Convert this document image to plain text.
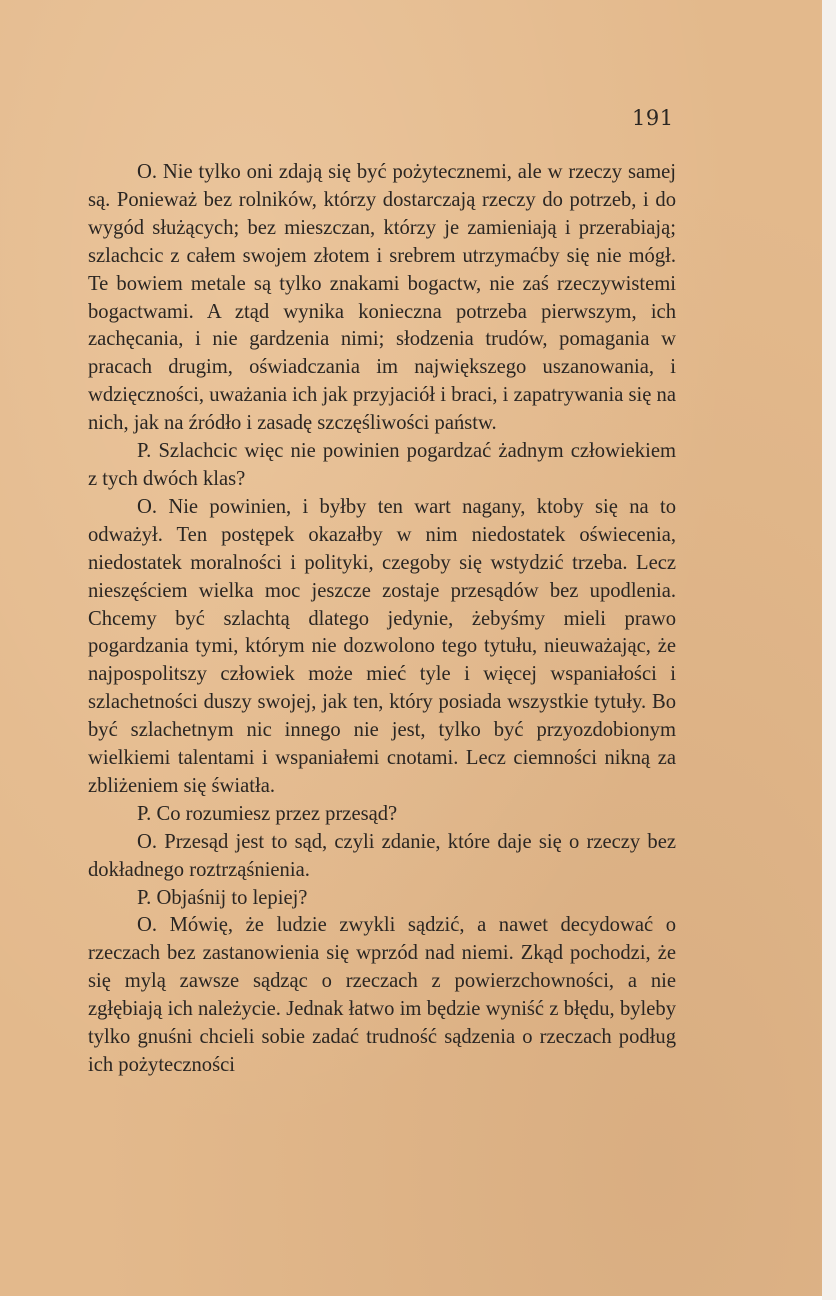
191

O. Nie tylko oni zdają się być pożytecznemi, ale w rzeczy samej są. Ponieważ bez rolników, którzy dostarczają rzeczy do potrzeb, i do wygód służących; bez mieszczan, którzy je zamieniają i przerabiają; szlachcic z całem swojem złotem i srebrem utrzymaćby się nie mógł. Te bowiem metale są tylko znakami bogactw, nie zaś rzeczywistemi bogactwami. A ztąd wynika konieczna potrzeba pierwszym, ich zachęcania, i nie gardzenia nimi; słodzenia trudów, pomagania w pracach drugim, oświadczania im największego uszanowania, i wdzięczności, uważania ich jak przyjaciół i braci, i zapatrywania się na nich, jak na źródło i zasadę szczęśliwości państw.

P. Szlachcic więc nie powinien pogardzać żadnym człowiekiem z tych dwóch klas?

O. Nie powinien, i byłby ten wart nagany, ktoby się na to odważył. Ten postępek okazałby w nim niedostatek oświecenia, niedostatek moralności i polityki, czegoby się wstydzić trzeba. Lecz nieszęściem wielka moc jeszcze zostaje przesądów bez upodlenia. Chcemy być szlachtą dlatego jedynie, żebyśmy mieli prawo pogardzania tymi, którym nie dozwolono tego tytułu, nieuważając, że najpospolitszy człowiek może mieć tyle i więcej wspaniałości i szlachetności duszy swojej, jak ten, który posiada wszystkie tytuły. Bo być szlachetnym nic innego nie jest, tylko być przyozdobionym wielkiemi talentami i wspaniałemi cnotami. Lecz ciemności nikną za zbliżeniem się światła.

P. Co rozumiesz przez przesąd?

O. Przesąd jest to sąd, czyli zdanie, które daje się o rzeczy bez dokładnego roztrząśnienia.

P. Objaśnij to lepiej?

O. Mówię, że ludzie zwykli sądzić, a nawet decydować o rzeczach bez zastanowienia się wprzód nad niemi. Zkąd pochodzi, że się mylą zawsze sądząc o rzeczach z powierzchowności, a nie zgłębiają ich należycie. Jednak łatwo im będzie wyniść z błędu, byleby tylko gnuśni chcieli sobie zadać trudność sądzenia o rzeczach podług ich pożyteczności
